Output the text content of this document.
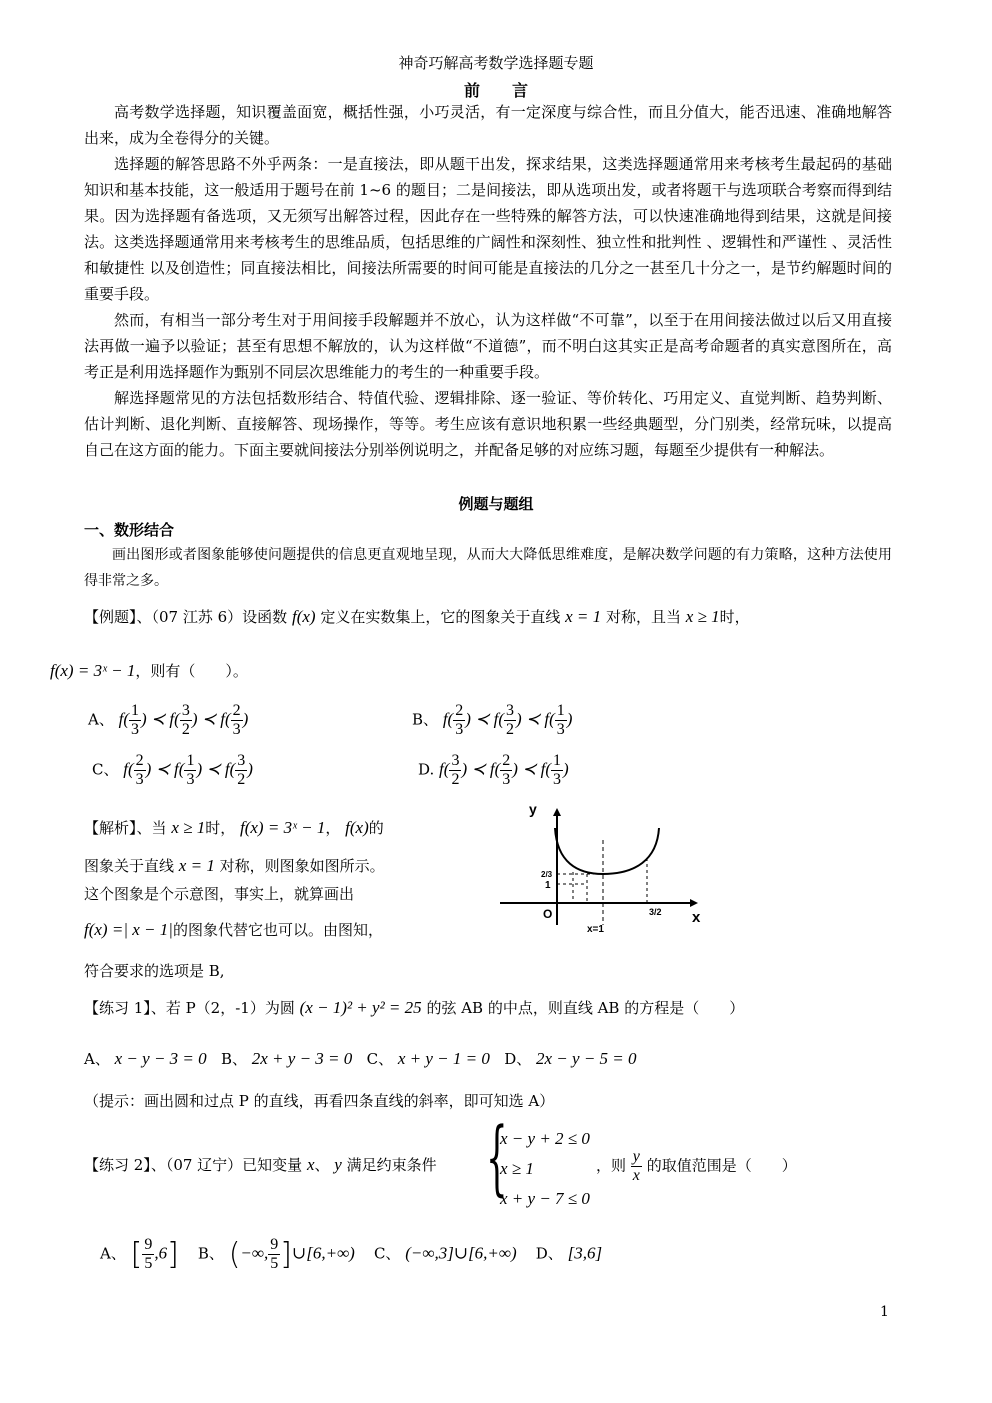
神奇巧解高考数学选择题专题
前　　言
高考数学选择题，知识覆盖面宽，概括性强，小巧灵活，有一定深度与综合性，而且分值大，能否迅速、准确地解答出来，成为全卷得分的关键。
选择题的解答思路不外乎两条：一是直接法，即从题干出发，探求结果，这类选择题通常用来考核考生最起码的基础知识和基本技能，这一般适用于题号在前 1~6 的题目；二是间接法，即从选项出发，或者将题干与选项联合考察而得到结果。因为选择题有备选项，又无须写出解答过程，因此存在一些特殊的解答方法，可以快速准确地得到结果，这就是间接法。这类选择题通常用来考核考生的思维品质，包括思维的广阔性和深刻性、独立性和批判性 、逻辑性和严谨性 、灵活性和敏捷性 以及创造性；同直接法相比，间接法所需要的时间可能是直接法的几分之一甚至几十分之一，是节约解题时间的重要手段。
然而，有相当一部分考生对于用间接手段解题并不放心，认为这样做“不可靠”，以至于在用间接法做过以后又用直接法再做一遍予以验证；甚至有思想不解放的，认为这样做“不道德”，而不明白这其实正是高考命题者的真实意图所在，高考正是利用选择题作为甄别不同层次思维能力的考生的一种重要手段。
解选择题常见的方法包括数形结合、特值代验、逻辑排除、逐一验证、等价转化、巧用定义、直觉判断、趋势判断、估计判断、退化判断、直接解答、现场操作，等等。考生应该有意识地积累一些经典题型，分门别类，经常玩味，以提高自己在这方面的能力。下面主要就间接法分别举例说明之，并配备足够的对应练习题，每题至少提供有一种解法。
例题与题组
一、数形结合
画出图形或者图象能够使问题提供的信息更直观地呈现，从而大大降低思维难度，是解决数学问题的有力策略，这种方法使用得非常之多。
【例题】、（07 江苏 6）设函数 f(x) 定义在实数集上，它的图象关于直线 x = 1 对称，且当 x ≥ 1时，
f(x) = 3ˣ − 1，则有（　　）。
A、 $f( \frac{1}{3}$ ) ≺ $f( \frac{3}{2}$ ) ≺ $f( \frac{2}{3}$ )	B、 $f( \frac{2}{3}$ ) ≺ $f( \frac{3}{2}$ ) ≺ $f( \frac{1}{3}$ )
C、 $f( \frac{2}{3}$ ) ≺ $f( \frac{1}{3}$ ) ≺ $f( \frac{3}{2}$ )	D. $f( \frac{3}{2}$ ) ≺ $f( \frac{2}{3}$ ) ≺ $f( \frac{1}{3}$ )
【解析】、当 x ≥ 1时， f(x) = 3ˣ − 1， f(x)的
图象关于直线 x = 1 对称，则图象如图所示。
这个图象是个示意图，事实上，就算画出
f(x) =| x − 1|的图象代替它也可以。由图知，
符合要求的选项是 B,
y
x
O
1
2/3
3/2
x=1
【练习 1】、若 P（2，-1）为圆 (x − 1)² + y² = 25 的弦 AB 的中点，则直线 AB 的方程是（　　）
A、 x − y − 3 = 0 B、 2x + y − 3 = 0 C、 x + y − 1 = 0 D、 2x − y − 5 = 0
（提示：画出圆和过点 P 的直线，再看四条直线的斜率，即可知选 A）
【练习 2】、（07 辽宁）已知变量 x、 y 满足约束条件 {
x − y + 2 ≤ 0
x ≥ 1
x + y − 7 ≤ 0
，则 $\frac{y}{x}$ 的取值范围是（　　）
A、 [ $\frac{9}{5} ,6$] B、 (−∞, $\frac{9}{5}$ ]∪[6,+∞) C、 (−∞,3]∪[6,+∞) D、 [3,6]
1
